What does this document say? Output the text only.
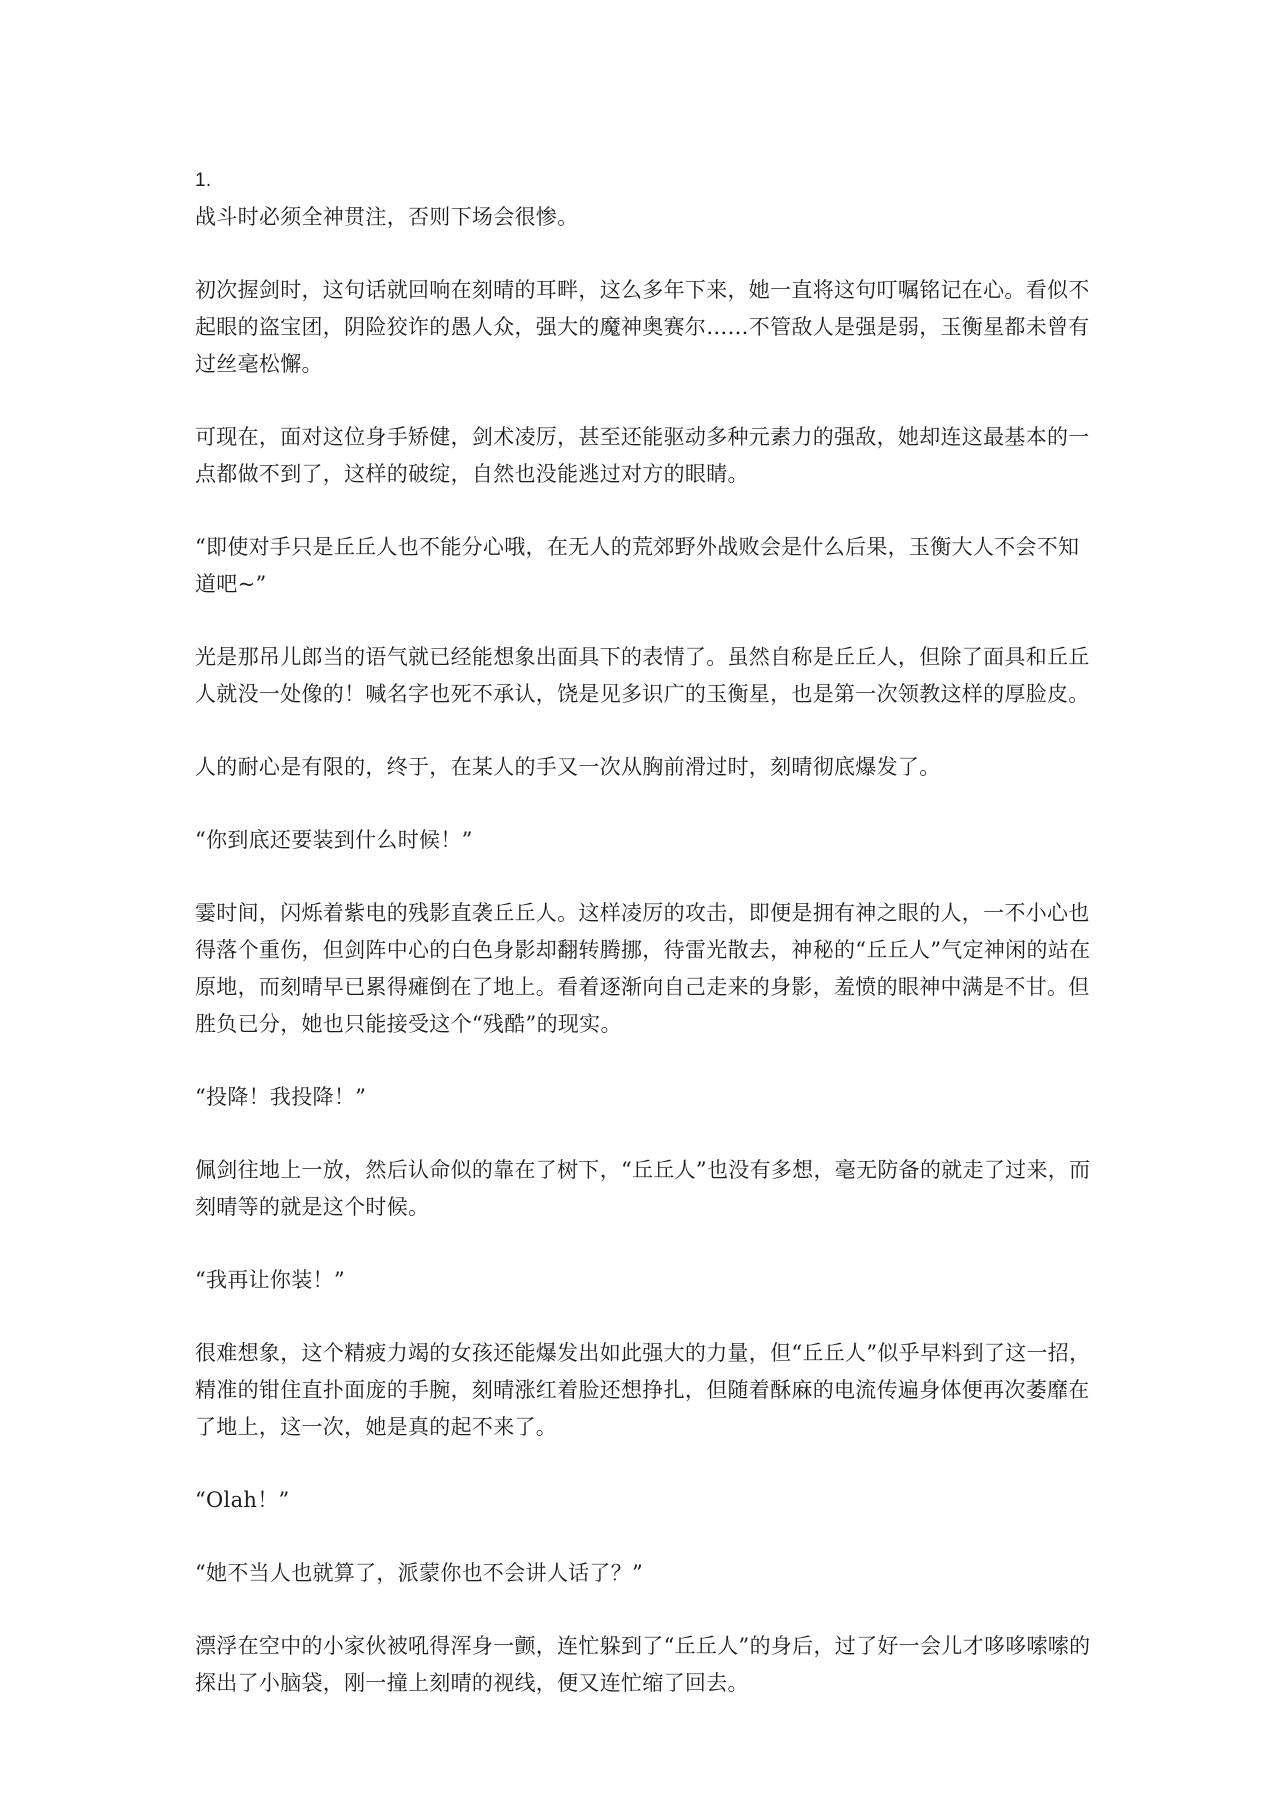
1.

战斗时必须全神贯注，否则下场会很惨。

初次握剑时，这句话就回响在刻晴的耳畔，这么多年下来，她一直将这句叮嘱铭记在心。看似不起眼的盗宝团，阴险狡诈的愚人众，强大的魔神奥赛尔……不管敌人是强是弱，玉衡星都未曾有过丝毫松懈。

可现在，面对这位身手矫健，剑术凌厉，甚至还能驱动多种元素力的强敌，她却连这最基本的一点都做不到了，这样的破绽，自然也没能逃过对方的眼睛。

“即使对手只是丘丘人也不能分心哦，在无人的荒郊野外战败会是什么后果，玉衡大人不会不知道吧~”

光是那吊儿郎当的语气就已经能想象出面具下的表情了。虽然自称是丘丘人，但除了面具和丘丘人就没一处像的！喊名字也死不承认，饶是见多识广的玉衡星，也是第一次领教这样的厚脸皮。

人的耐心是有限的，终于，在某人的手又一次从胸前滑过时，刻晴彻底爆发了。

“你到底还要装到什么时候！”

霎时间，闪烁着紫电的残影直袭丘丘人。这样凌厉的攻击，即便是拥有神之眼的人，一不小心也得落个重伤，但剑阵中心的白色身影却翻转腾挪，待雷光散去，神秘的“丘丘人”气定神闲的站在原地，而刻晴早已累得瘫倒在了地上。看着逐渐向自己走来的身影，羞愤的眼神中满是不甘。但胜负已分，她也只能接受这个“残酷”的现实。

“投降！我投降！”

佩剑往地上一放，然后认命似的靠在了树下，“丘丘人”也没有多想，毫无防备的就走了过来，而刻晴等的就是这个时候。

“我再让你装！”

很难想象，这个精疲力竭的女孩还能爆发出如此强大的力量，但“丘丘人”似乎早料到了这一招，精准的钳住直扑面庞的手腕，刻晴涨红着脸还想挣扎，但随着酥麻的电流传遍身体便再次萎靡在了地上，这一次，她是真的起不来了。

“Olah！”

“她不当人也就算了，派蒙你也不会讲人话了？”

漂浮在空中的小家伙被吼得浑身一颤，连忙躲到了“丘丘人”的身后，过了好一会儿才哆哆嗦嗦的探出了小脑袋，刚一撞上刻晴的视线，便又连忙缩了回去。
